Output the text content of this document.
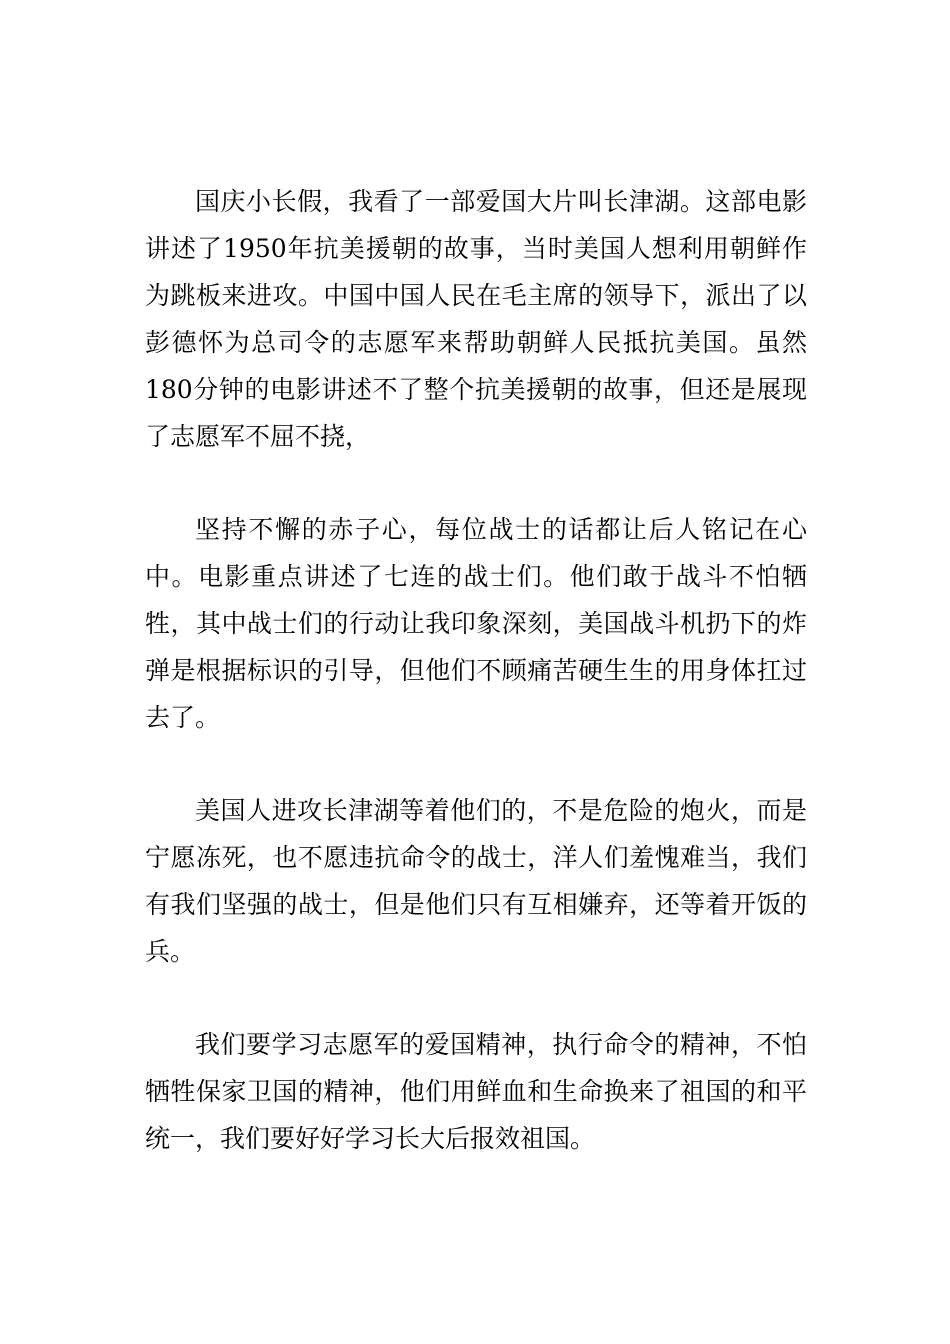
国庆小长假，我看了一部爱国大片叫长津湖。这部电影讲述了1950年抗美援朝的故事，当时美国人想利用朝鲜作为跳板来进攻。中国中国人民在毛主席的领导下，派出了以彭德怀为总司令的志愿军来帮助朝鲜人民抵抗美国。虽然180分钟的电影讲述不了整个抗美援朝的故事，但还是展现了志愿军不屈不挠，

坚持不懈的赤子心，每位战士的话都让后人铭记在心中。电影重点讲述了七连的战士们。他们敢于战斗不怕牺牲，其中战士们的行动让我印象深刻，美国战斗机扔下的炸弹是根据标识的引导，但他们不顾痛苦硬生生的用身体扛过去了。

美国人进攻长津湖等着他们的，不是危险的炮火，而是宁愿冻死，也不愿违抗命令的战士，洋人们羞愧难当，我们有我们坚强的战士，但是他们只有互相嫌弃，还等着开饭的兵。

我们要学习志愿军的爱国精神，执行命令的精神，不怕牺牲保家卫国的精神，他们用鲜血和生命换来了祖国的和平统一，我们要好好学习长大后报效祖国。
